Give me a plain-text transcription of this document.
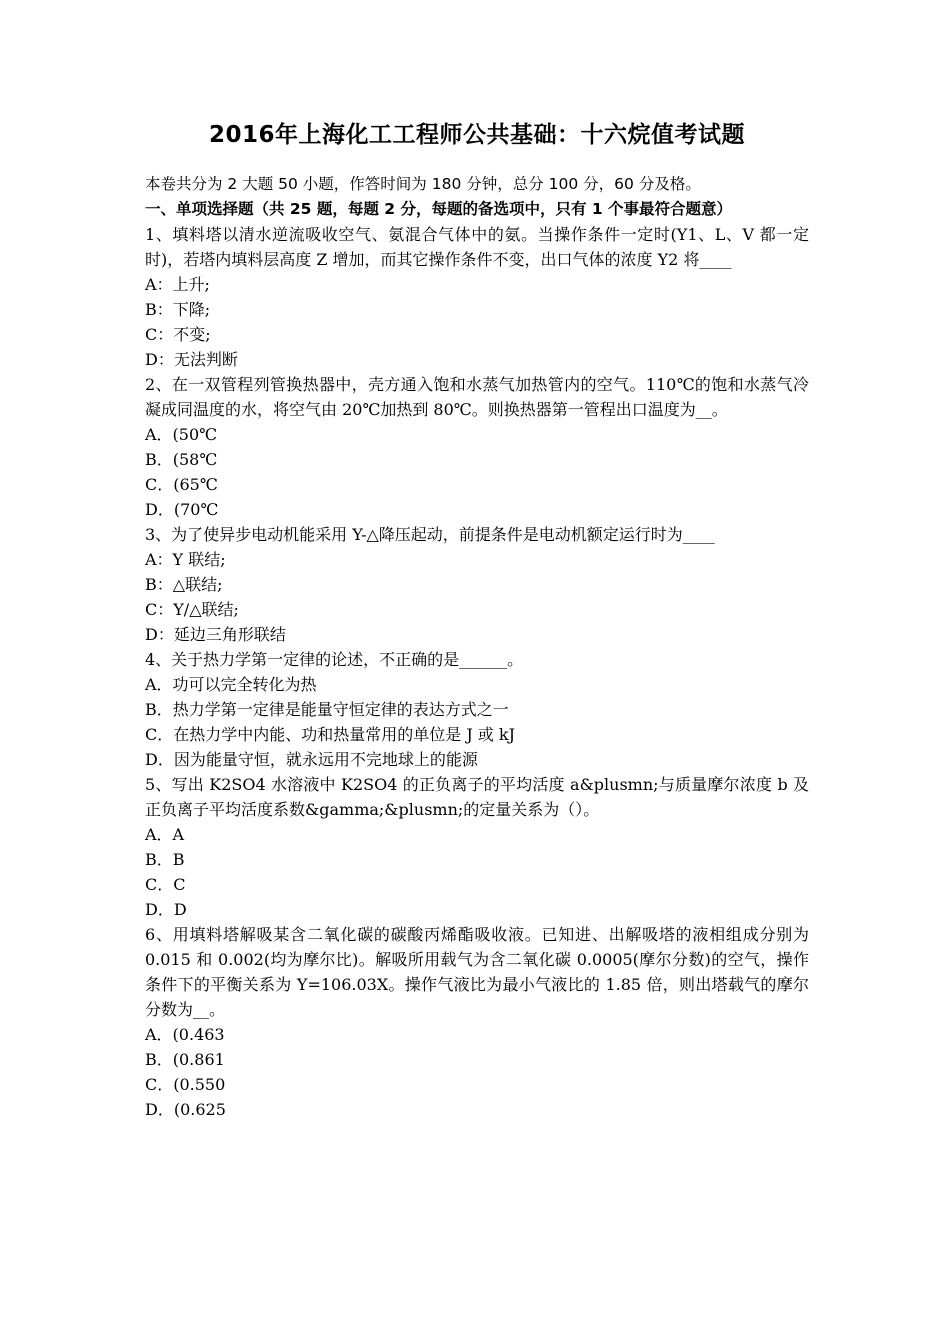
2016年上海化工工程师公共基础：十六烷值考试题
本卷共分为 2 大题 50 小题，作答时间为 180 分钟，总分 100 分，60 分及格。
一、单项选择题（共 25 题，每题 2 分，每题的备选项中，只有 1 个事最符合题意）

1、填料塔以清水逆流吸收空气、氨混合气体中的氨。当操作条件一定时(Y1、L、V 都一定时)，若塔内填料层高度 Z 增加，而其它操作条件不变，出口气体的浓度 Y2 将____

A：上升;

B：下降;

C：不变;

D：无法判断

2、在一双管程列管换热器中，壳方通入饱和水蒸气加热管内的空气。110℃的饱和水蒸气冷凝成同温度的水，将空气由 20℃加热到 80℃。则换热器第一管程出口温度为__。

A．(50℃

B．(58℃

C．(65℃

D．(70℃

3、为了使异步电动机能采用 Y-△降压起动，前提条件是电动机额定运行时为____

A：Y 联结;

B：△联结;

C：Y/△联结;

D：延边三角形联结

4、关于热力学第一定律的论述，不正确的是______。

A．功可以完全转化为热

B．热力学第一定律是能量守恒定律的表达方式之一

C．在热力学中内能、功和热量常用的单位是 J 或 kJ

D．因为能量守恒，就永远用不完地球上的能源

5、写出 K2SO4 水溶液中 K2SO4 的正负离子的平均活度 a&plusmn;与质量摩尔浓度 b 及正负离子平均活度系数&gamma;&plusmn;的定量关系为（）。

A．A

B．B

C．C

D．D

6、用填料塔解吸某含二氧化碳的碳酸丙烯酯吸收液。已知进、出解吸塔的液相组成分别为 0.015 和 0.002(均为摩尔比)。解吸所用载气为含二氧化碳 0.0005(摩尔分数)的空气，操作条件下的平衡关系为 Y=106.03X。操作气液比为最小气液比的 1.85 倍，则出塔载气的摩尔分数为__。

A．(0.463

B．(0.861

C．(0.550

D．(0.625
